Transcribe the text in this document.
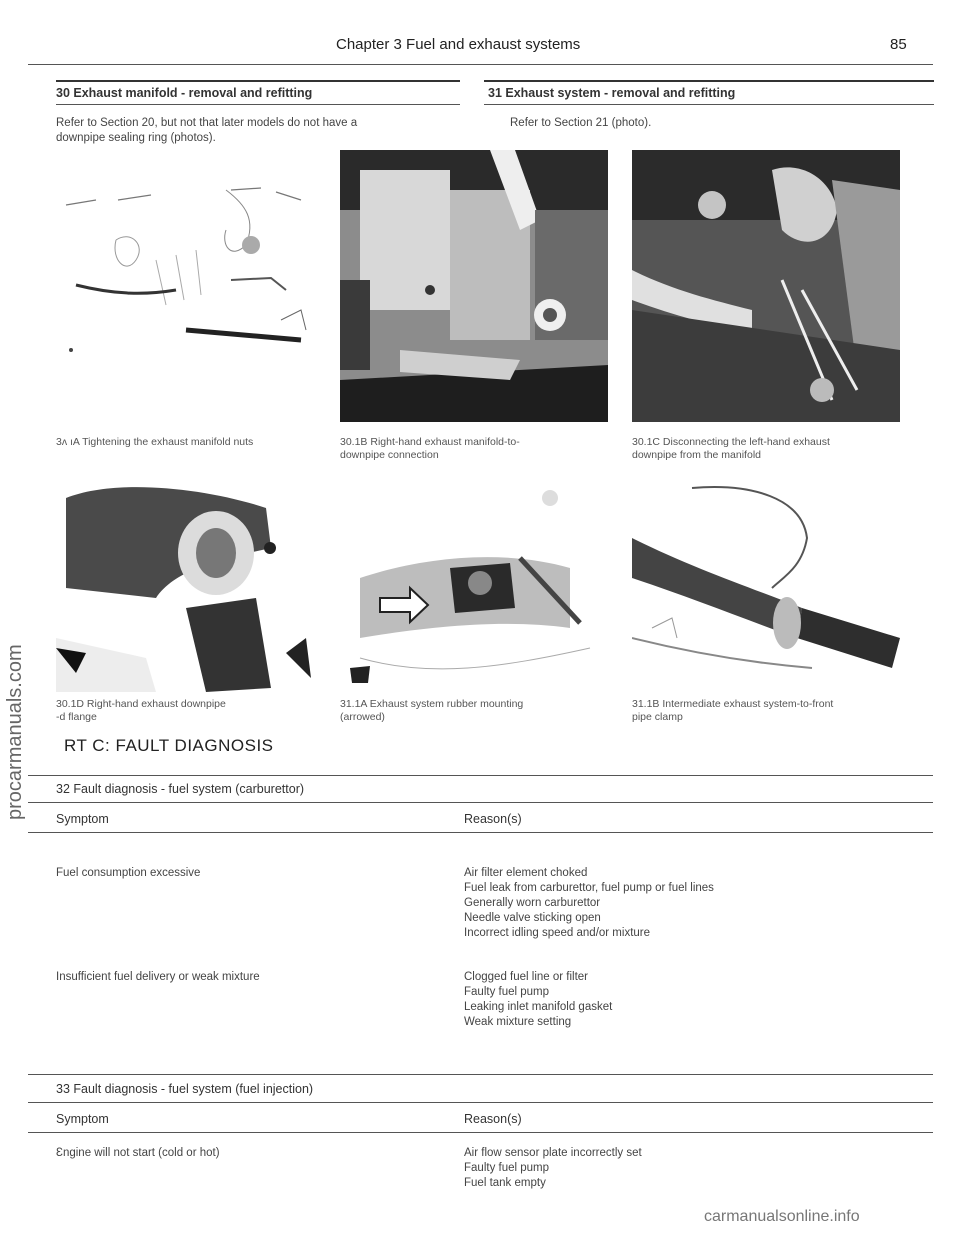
Chapter 3 Fuel and exhaust systems	85
procarmanuals.com
30 Exhaust manifold - removal and refitting
Refer to Section 20, but not that later models do not have a
downpipe sealing ring (photos).
31 Exhaust system - removal and refitting
Refer to Section 21 (photo).
3ʌ ıA Tightening the exhaust manifold nuts	30.1B Right-hand exhaust manifold-to-
downpipe connection
30.1C Disconnecting the left-hand exhaust
downpipe from the manifold
30.1D Right-hand exhaust downpipe
-d flange
31.1A Exhaust system rubber mounting
(arrowed)
31.1B Intermediate exhaust system-to-front
pipe clamp
RT C: FAULT DIAGNOSIS
32 Fault diagnosis - fuel system (carburettor)
Symptom	Reason(s)
Fuel consumption excessive	Air filter element choked
Fuel leak from carburettor, fuel pump or fuel lines
Generally worn carburettor
Needle valve sticking open
Incorrect idling speed and/or mixture
Insufficient fuel delivery or weak mixture	Clogged fuel line or filter
Faulty fuel pump
Leaking inlet manifold gasket
Weak mixture setting
33 Fault diagnosis - fuel system (fuel injection)
Symptom	Reason(s)
Ɛngine will not start (cold or hot)	Air flow sensor plate incorrectly set
Faulty fuel pump
Fuel tank empty
carmanualsonline.info
